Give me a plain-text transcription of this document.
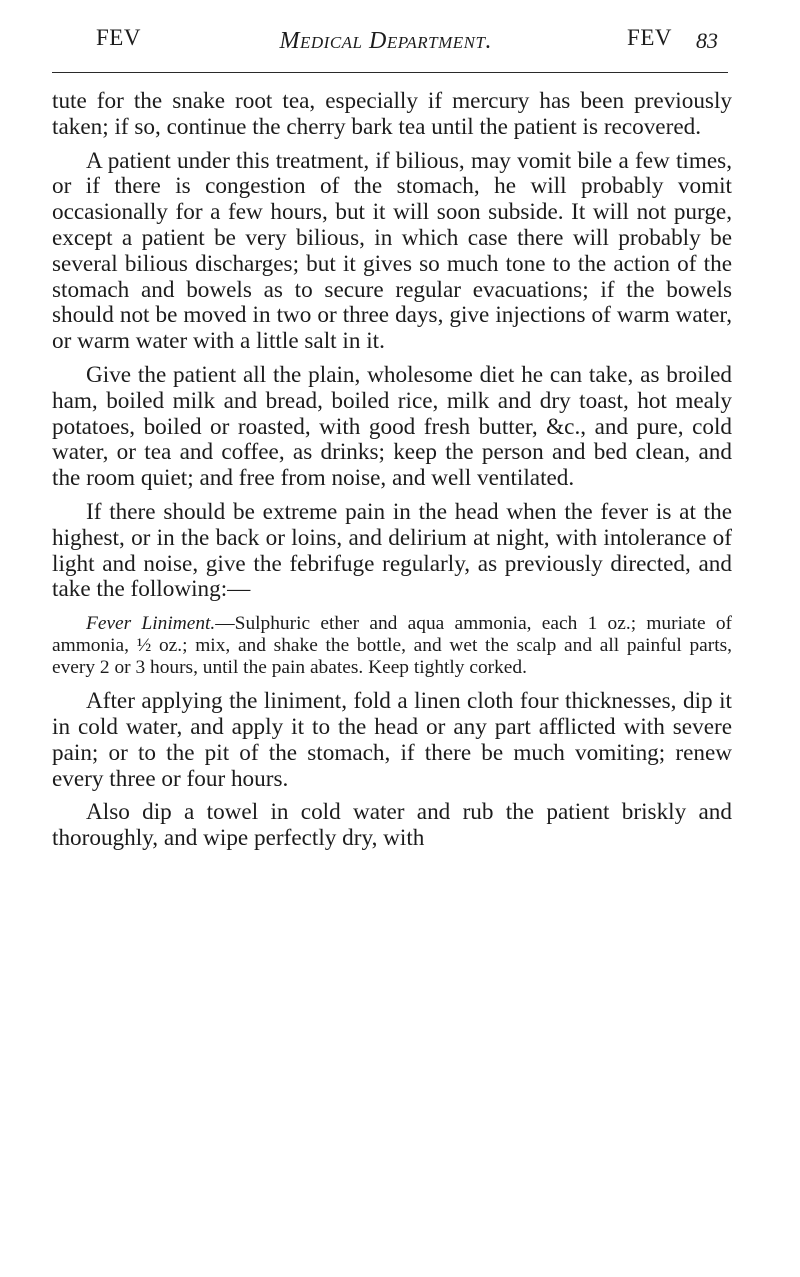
FEV	Medical Department.	FEV 83

tute for the snake root tea, especially if mercury has been previously taken; if so, continue the cherry bark tea until the patient is recovered.

A patient under this treatment, if bilious, may vomit bile a few times, or if there is congestion of the stomach, he will probably vomit occasionally for a few hours, but it will soon subside. It will not purge, except a patient be very bilious, in which case there will probably be several bilious discharges; but it gives so much tone to the action of the stomach and bowels as to secure regular evacuations; if the bowels should not be moved in two or three days, give injections of warm water, or warm water with a little salt in it.

Give the patient all the plain, wholesome diet he can take, as broiled ham, boiled milk and bread, boiled rice, milk and dry toast, hot mealy potatoes, boiled or roasted, with good fresh butter, &c., and pure, cold water, or tea and coffee, as drinks; keep the person and bed clean, and the room quiet; and free from noise, and well ventilated.

If there should be extreme pain in the head when the fever is at the highest, or in the back or loins, and delirium at night, with intolerance of light and noise, give the febrifuge regularly, as previously directed, and take the following:—

Fever Liniment.—Sulphuric ether and aqua ammonia, each 1 oz.; muriate of ammonia, ½ oz.; mix, and shake the bottle, and wet the scalp and all painful parts, every 2 or 3 hours, until the pain abates. Keep tightly corked.

After applying the liniment, fold a linen cloth four thicknesses, dip it in cold water, and apply it to the head or any part afflicted with severe pain; or to the pit of the stomach, if there be much vomiting; renew every three or four hours.

Also dip a towel in cold water and rub the patient briskly and thoroughly, and wipe perfectly dry, with
